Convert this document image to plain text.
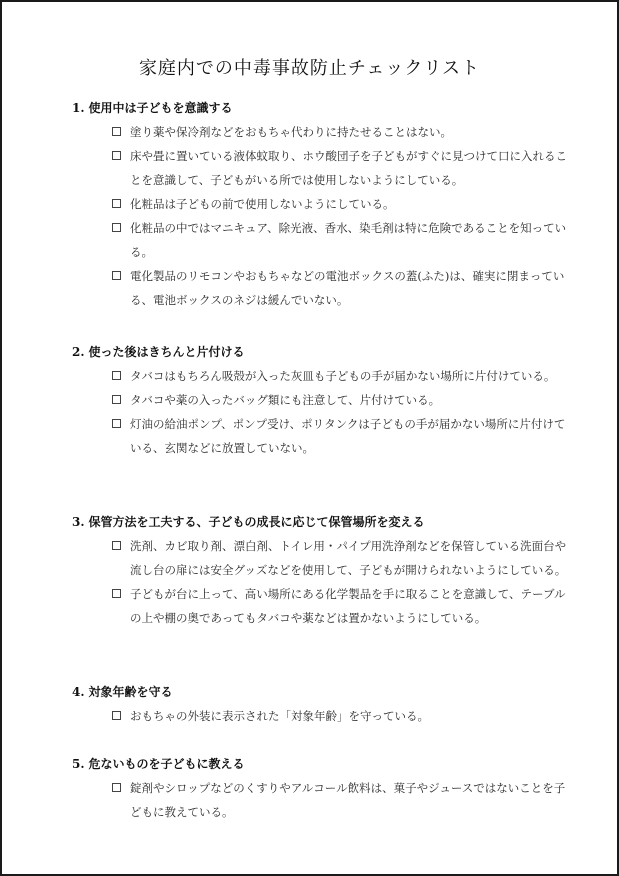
家庭内での中毒事故防止チェックリスト
1. 使用中は子どもを意識する
塗り薬や保冷剤などをおもちゃ代わりに持たせることはない。
床や畳に置いている液体蚊取り、ホウ酸団子を子どもがすぐに見つけて口に入れることを意識して、子どもがいる所では使用しないようにしている。
化粧品は子どもの前で使用しないようにしている。
化粧品の中ではマニキュア、除光液、香水、染毛剤は特に危険であることを知っている。
電化製品のリモコンやおもちゃなどの電池ボックスの蓋(ふた)は、確実に閉まっている、電池ボックスのネジは緩んでいない。
2. 使った後はきちんと片付ける
タバコはもちろん吸殻が入った灰皿も子どもの手が届かない場所に片付けている。
タバコや薬の入ったバッグ類にも注意して、片付けている。
灯油の給油ポンプ、ポンプ受け、ポリタンクは子どもの手が届かない場所に片付けている、玄関などに放置していない。
3. 保管方法を工夫する、子どもの成長に応じて保管場所を変える
洗剤、カビ取り剤、漂白剤、トイレ用・パイプ用洗浄剤などを保管している洗面台や流し台の扉には安全グッズなどを使用して、子どもが開けられないようにしている。
子どもが台に上って、高い場所にある化学製品を手に取ることを意識して、テーブルの上や棚の奥であってもタバコや薬などは置かないようにしている。
4. 対象年齢を守る
おもちゃの外装に表示された「対象年齢」を守っている。
5. 危ないものを子どもに教える
錠剤やシロップなどのくすりやアルコール飲料は、菓子やジュースではないことを子どもに教えている。
